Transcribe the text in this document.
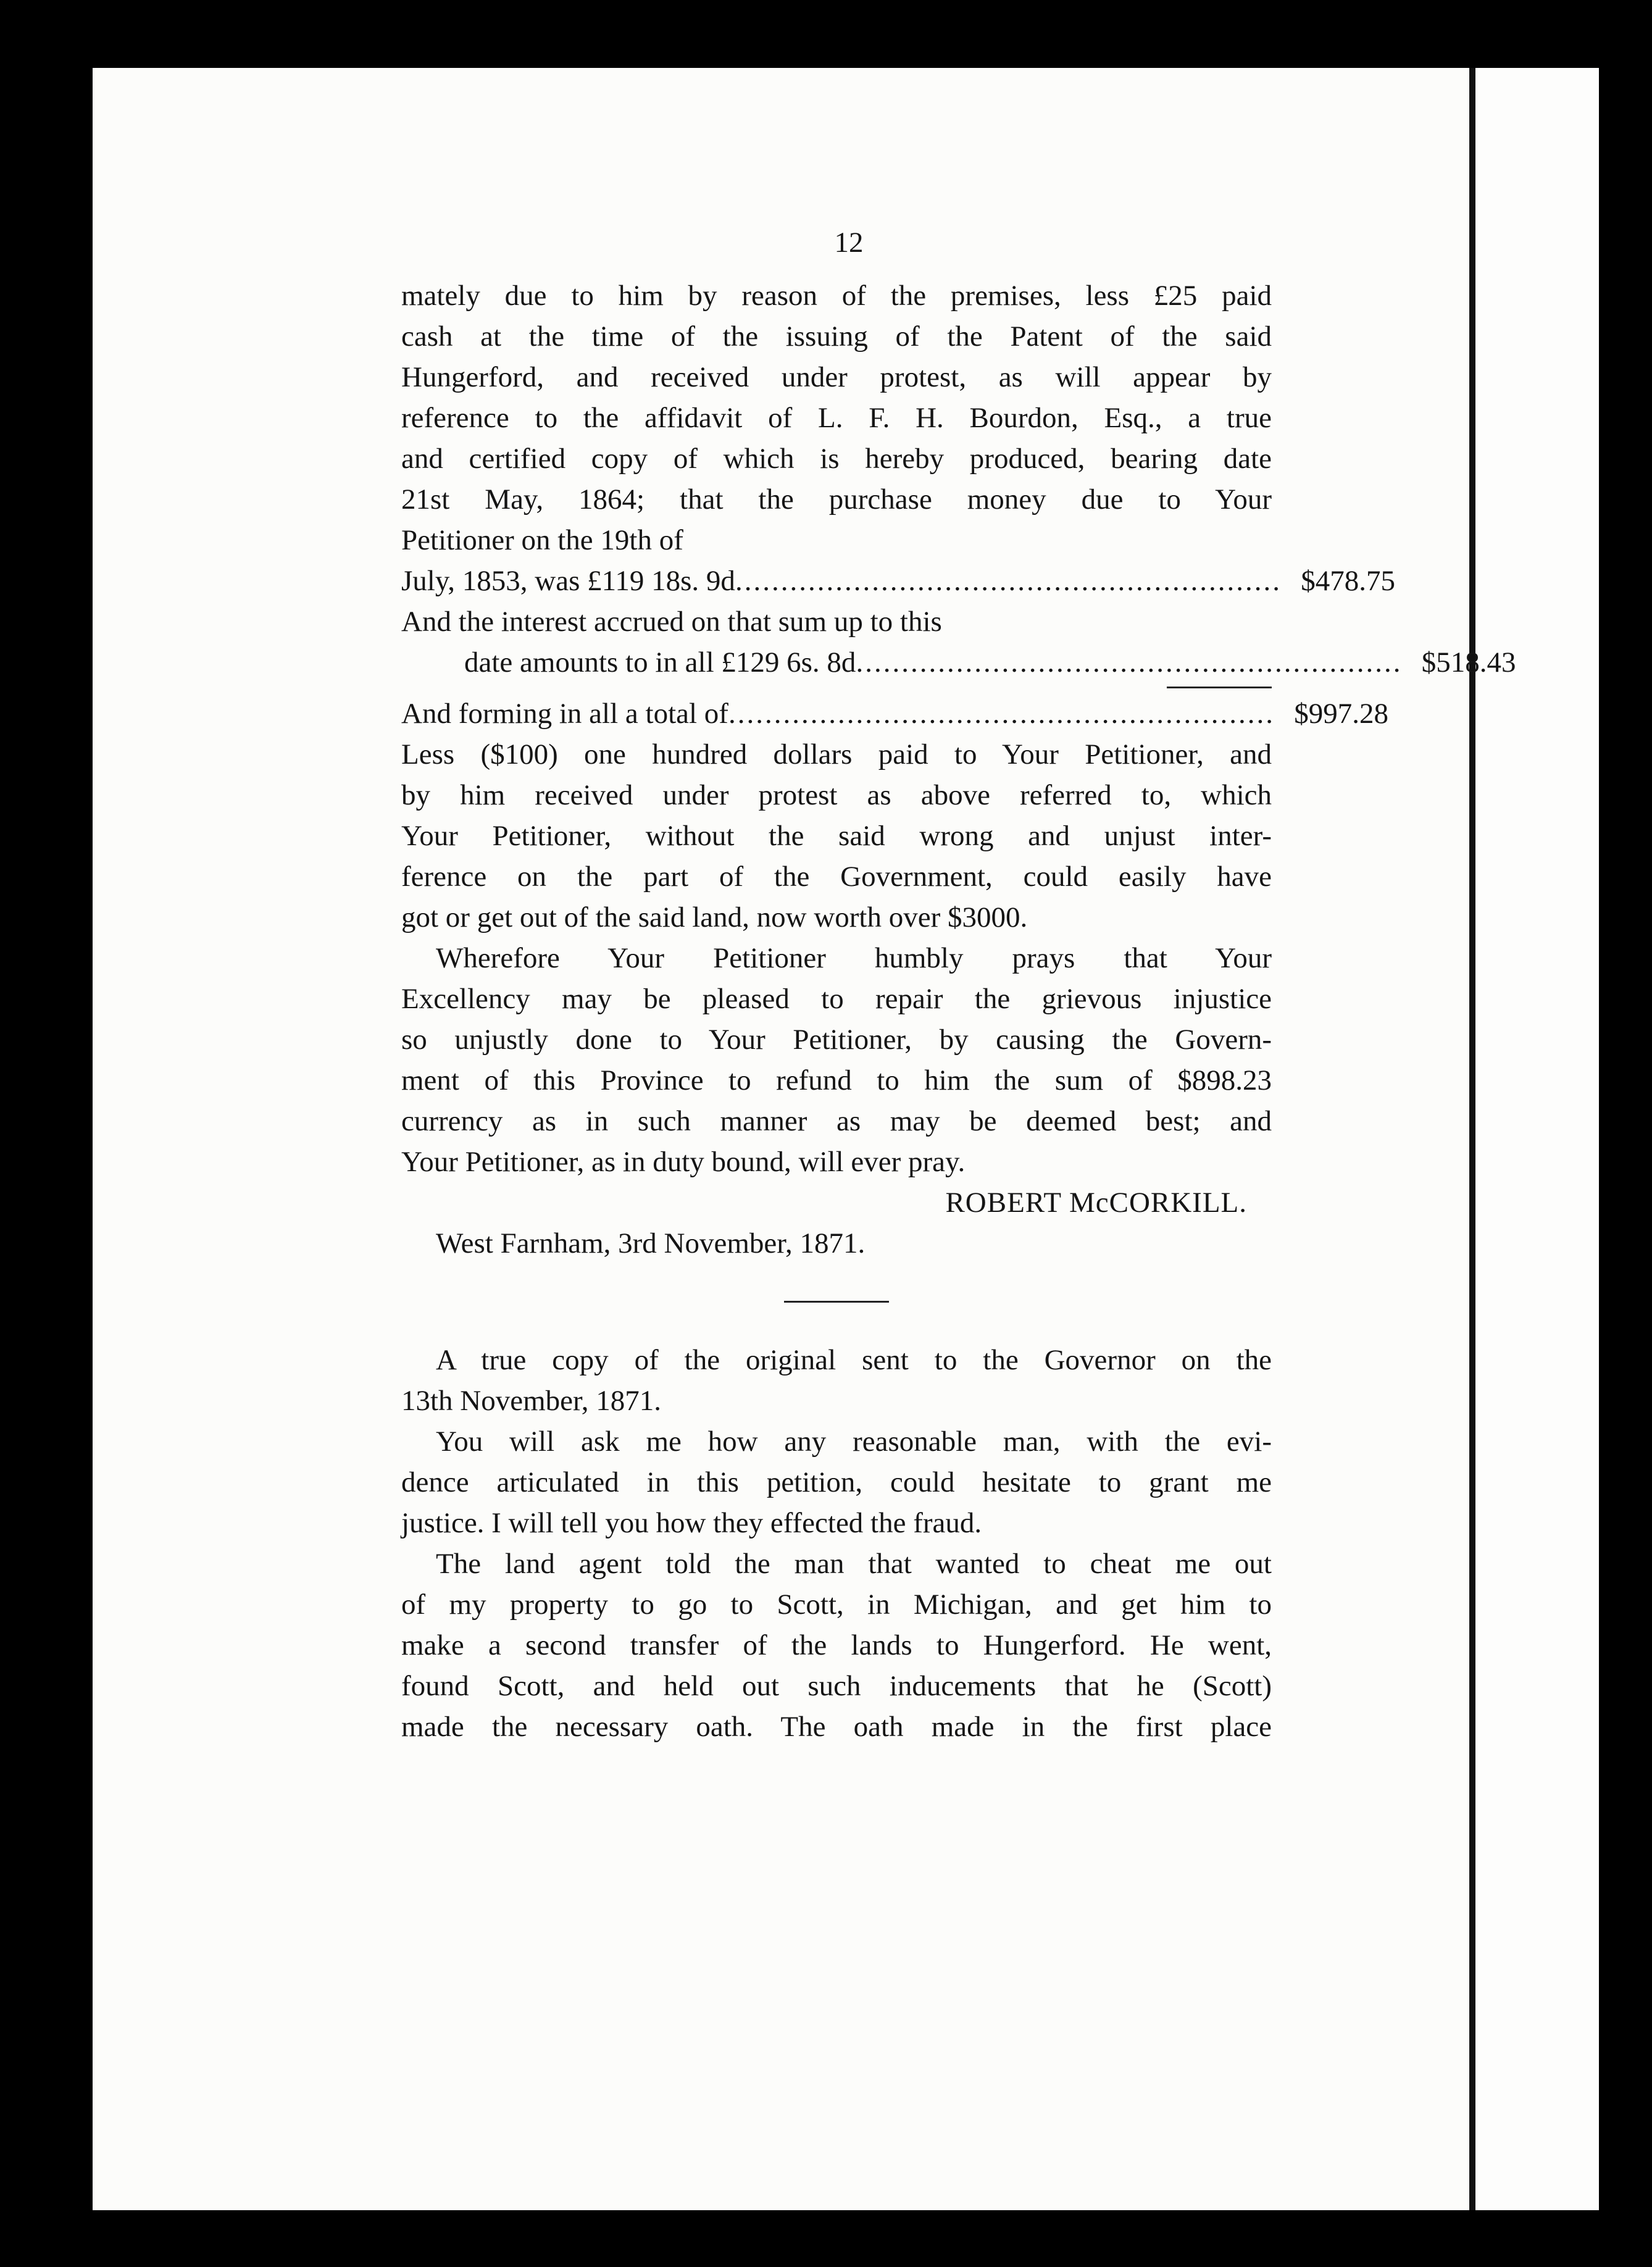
12
mately due to him by reason of the premises, less £25 paid
cash at the time of the issuing of the Patent of the said
Hungerford, and received under protest, as will appear by
reference to the affidavit of L. F. H. Bourdon, Esq., a true
and certified copy of which is hereby produced, bearing date
21st May, 1864; that the purchase money due to Your
Petitioner on the 19th of
July, 1853, was £119 18s. 9d ............................................................ $478.75
And the interest accrued on that sum up to this
date amounts to in all £129 6s. 8d ............................................................ $518.43
And forming in all a total of ............................................................ $997.28
Less ($100) one hundred dollars paid to Your Petitioner, and
by him received under protest as above referred to, which
Your Petitioner, without the said wrong and unjust inter-
ference on the part of the Government, could easily have
got or get out of the said land, now worth over $3000.
Wherefore Your Petitioner humbly prays that Your
Excellency may be pleased to repair the grievous injustice
so unjustly done to Your Petitioner, by causing the Govern-
ment of this Province to refund to him the sum of $898.23
currency as in such manner as may be deemed best; and
Your Petitioner, as in duty bound, will ever pray.
ROBERT McCORKILL.
West Farnham, 3rd November, 1871.
A true copy of the original sent to the Governor on the
13th November, 1871.
You will ask me how any reasonable man, with the evi-
dence articulated in this petition, could hesitate to grant me
justice. I will tell you how they effected the fraud.
The land agent told the man that wanted to cheat me out
of my property to go to Scott, in Michigan, and get him to
make a second transfer of the lands to Hungerford. He went,
found Scott, and held out such inducements that he (Scott)
made the necessary oath. The oath made in the first place
